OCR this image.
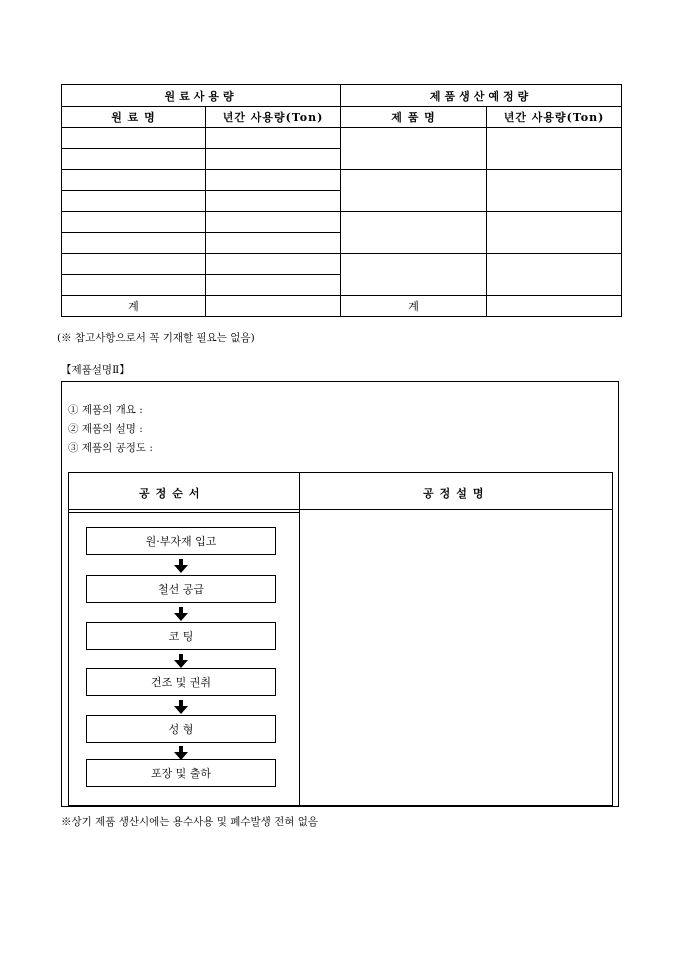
원료사용량		제품생산예정량	
원 료 명	년간 사용량(Ton)	제 품 명	년간 사용량(Ton)

계		계	
(※ 참고사항으로서 꼭 기재할 필요는 없음)
【제품설명Ⅱ】
① 제품의 개요 :
② 제품의 설명 :
③ 제품의 공정도 :
공정순서	공정설명
원·부자재 입고
철선 공급
코 팅
건조 및 권취
성 형
포장 및 출하
※상기 제품 생산시에는 용수사용 및 폐수발생 전혀 없음
